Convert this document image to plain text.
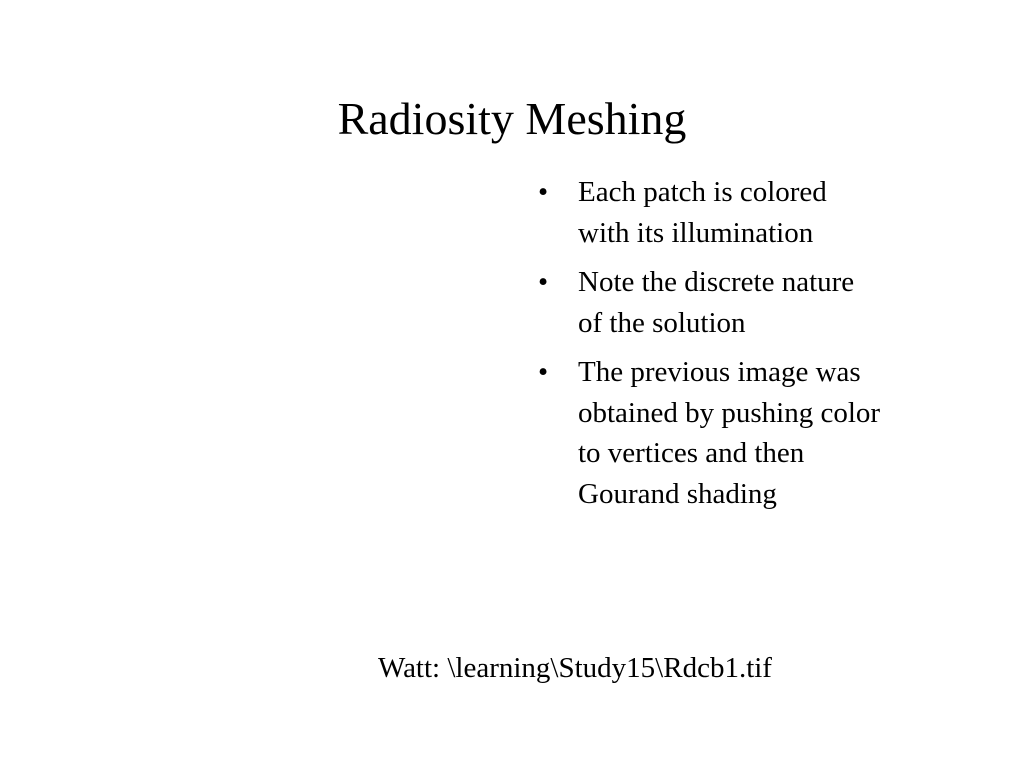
Radiosity Meshing
•	Each patch is colored
with its illumination
•	Note the discrete nature
of the solution
•	The previous image was
obtained by pushing color
to vertices and then
Gourand shading
Watt: \learning\Study15\Rdcb1.tif
